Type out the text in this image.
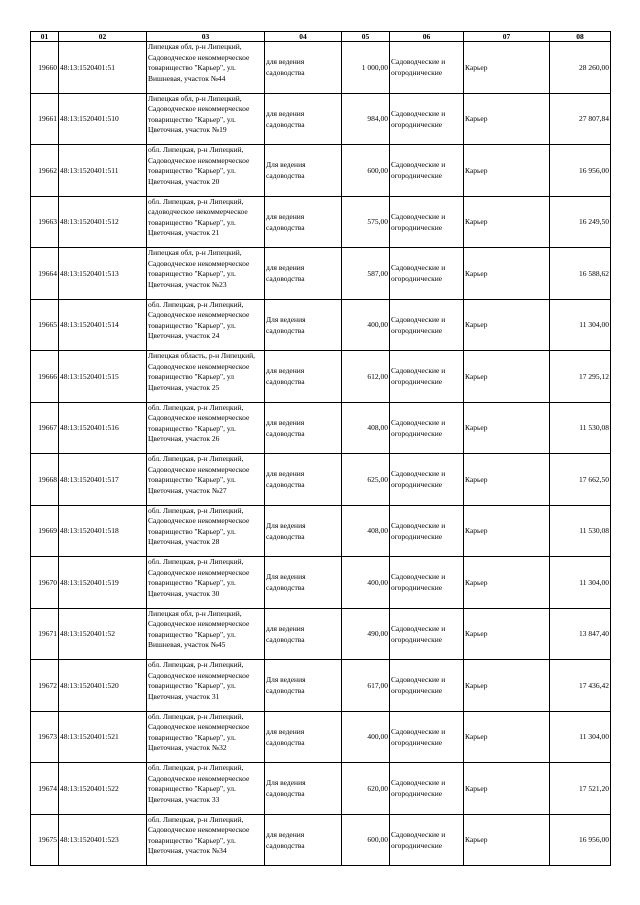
01	02	03	04	05	06	07	08
19660	48:13:1520401:51	Липецкая обл, р-н Липецкий, Садоводческое некоммерческое товарищество "Карьер", ул. Вишневая, участок №44	для ведения садоводства	1 000,00	Садоводческие и огороднические	Карьер	28 260,00
19661	48:13:1520401:510	Липецкая обл, р-н Липецкий, Садоводческое некоммерческое товарищество "Карьер", ул. Цветочная, участок №19	для ведения садоводства	984,00	Садоводческие и огороднические	Карьер	27 807,84
19662	48:13:1520401:511	обл. Липецкая, р-н Липецкий, Садоводческое некоммерческое товарищество "Карьер", ул. Цветочная, участок 20	Для ведения садоводства	600,00	Садоводческие и огороднические	Карьер	16 956,00
19663	48:13:1520401:512	обл. Липецкая, р-н Липецкий, садоводческое некоммерческое товарищество "Карьер", ул. Цветочная, участок 21	для ведения садоводства	575,00	Садоводческие и огороднические	Карьер	16 249,50
19664	48:13:1520401:513	Липецкая обл, р-н Липецкий, Садоводческое некоммерческое товарищество "Карьер", ул. Цветочная, участок №23	для ведения садоводства	587,00	Садоводческие и огороднические	Карьер	16 588,62
19665	48:13:1520401:514	обл. Липецкая, р-н Липецкий, Садоводческое некоммерческое товарищество "Карьер", ул. Цветочная, участок 24	Для ведения садоводства	400,00	Садоводческие и огороднические	Карьер	11 304,00
19666	48:13:1520401:515	Липецкая область, р-н Липецкий, Садоводческое некоммерческое товарищество "Карьер", ул Цветочная, участок 25	для ведения садоводства	612,00	Садоводческие и огороднические	Карьер	17 295,12
19667	48:13:1520401:516	обл. Липецкая, р-н Липецкий, Садоводческое некоммерческое товарищество "Карьер", ул. Цветочная, участок 26	для ведения садоводства	408,00	Садоводческие и огороднические	Карьер	11 530,08
19668	48:13:1520401:517	обл. Липецкая, р-н Липецкий, Садоводческое некоммерческое товарищество "Карьер", ул. Цветочная, участок №27	для ведения садоводства	625,00	Садоводческие и огороднические	Карьер	17 662,50
19669	48:13:1520401:518	обл. Липецкая, р-н Липецкий, Садоводческое некоммерческое товарищество "Карьер", ул. Цветочная, участок 28	Для ведения садоводства	408,00	Садоводческие и огороднические	Карьер	11 530,08
19670	48:13:1520401:519	обл. Липецкая, р-н Липецкий, Садоводческое некоммерческое товарищество "Карьер", ул. Цветочная, участок 30	Для ведения садоводства	400,00	Садоводческие и огороднические	Карьер	11 304,00
19671	48:13:1520401:52	Липецкая обл, р-н Липецкий, Садоводческое некоммерческое товарищество "Карьер", ул. Вишневая, участок №45	для ведения садоводства	490,00	Садоводческие и огороднические	Карьер	13 847,40
19672	48:13:1520401:520	обл. Липецкая, р-н Липецкий, Садоводческое некоммерческое товарищество "Карьер", ул. Цветочная, участок 31	Для ведения садоводства	617,00	Садоводческие и огороднические	Карьер	17 436,42
19673	48:13:1520401:521	обл. Липецкая, р-н Липецкий, Садоводческое некоммерческое товарищество "Карьер", ул. Цветочная, участок №32	для ведения садоводства	400,00	Садоводческие и огороднические	Карьер	11 304,00
19674	48:13:1520401:522	обл. Липецкая, р-н Липецкий, Садоводческое некоммерческое товарищество "Карьер", ул. Цветочная, участок 33	Для ведения садоводства	620,00	Садоводческие и огороднические	Карьер	17 521,20
19675	48:13:1520401:523	обл. Липецкая, р-н Липецкий, Садоводческое некоммерческое товарищество "Карьер", ул. Цветочная, участок №34	для ведения садоводства	600,00	Садоводческие и огороднические	Карьер	16 956,00
